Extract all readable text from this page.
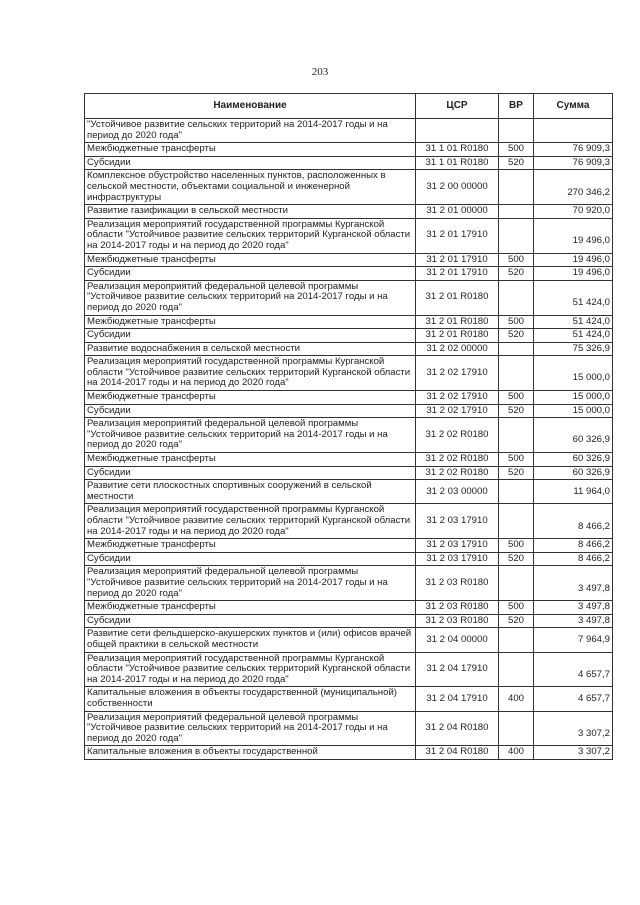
203
Наименование	ЦСР	ВР	Сумма
"Устойчивое развитие сельских территорий на 2014-2017 годы и на период до 2020 года"			
Межбюджетные трансферты	31 1 01 R0180	500	76 909,3
Субсидии	31 1 01 R0180	520	76 909,3
Комплексное обустройство населенных пунктов, расположенных в сельской местности, объектами социальной и инженерной инфраструктуры	31 2 00 00000		270 346,2
Развитие газификации в сельской местности	31 2 01 00000		70 920,0
Реализация мероприятий государственной программы Курганской области "Устойчивое развитие сельских территорий Курганской области на 2014-2017 годы и на период до 2020 года"	31 2 01 17910		19 496,0
Межбюджетные трансферты	31 2 01 17910	500	19 496,0
Субсидии	31 2 01 17910	520	19 496,0
Реализация мероприятий федеральной целевой программы "Устойчивое развитие сельских территорий на 2014-2017 годы и на период до 2020 года"	31 2 01 R0180		51 424,0
Межбюджетные трансферты	31 2 01 R0180	500	51 424,0
Субсидии	31 2 01 R0180	520	51 424,0
Развитие водоснабжения в сельской местности	31 2 02 00000		75 326,9
Реализация мероприятий государственной программы Курганской области "Устойчивое развитие сельских территорий Курганской области на 2014-2017 годы и на период до 2020 года"	31 2 02 17910		15 000,0
Межбюджетные трансферты	31 2 02 17910	500	15 000,0
Субсидии	31 2 02 17910	520	15 000,0
Реализация мероприятий федеральной целевой программы "Устойчивое развитие сельских территорий на 2014-2017 годы и на период до 2020 года"	31 2 02 R0180		60 326,9
Межбюджетные трансферты	31 2 02 R0180	500	60 326,9
Субсидии	31 2 02 R0180	520	60 326,9
Развитие сети плоскостных спортивных сооружений в сельской местности	31 2 03 00000		11 964,0
Реализация мероприятий государственной программы Курганской области "Устойчивое развитие сельских территорий Курганской области на 2014-2017 годы и на период до 2020 года"	31 2 03 17910		8 466,2
Межбюджетные трансферты	31 2 03 17910	500	8 466,2
Субсидии	31 2 03 17910	520	8 466,2
Реализация мероприятий федеральной целевой программы "Устойчивое развитие сельских территорий на 2014-2017 годы и на период до 2020 года"	31 2 03 R0180		3 497,8
Межбюджетные трансферты	31 2 03 R0180	500	3 497,8
Субсидии	31 2 03 R0180	520	3 497,8
Развитие сети фельдшерско-акушерских пунктов и (или) офисов врачей общей практики в сельской местности	31 2 04 00000		7 964,9
Реализация мероприятий государственной программы Курганской области "Устойчивое развитие сельских территорий Курганской области на 2014-2017 годы и на период до 2020 года"	31 2 04 17910		4 657,7
Капитальные вложения в объекты государственной (муниципальной) собственности	31 2 04 17910	400	4 657,7
Реализация мероприятий федеральной целевой программы "Устойчивое развитие сельских территорий на 2014-2017 годы и на период до 2020 года"	31 2 04 R0180		3 307,2
Капитальные вложения в объекты государственной	31 2 04 R0180	400	3 307,2
